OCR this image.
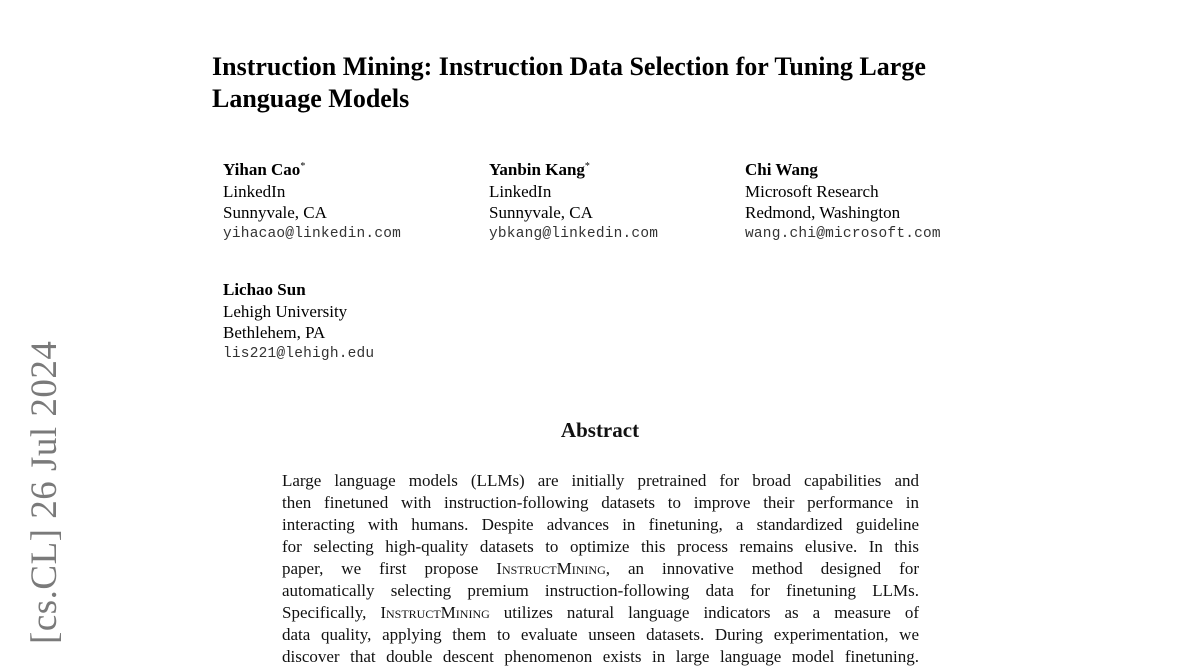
[cs.CL] 26 Jul 2024
Instruction Mining: Instruction Data Selection for Tuning Large
Language Models
Yihan Cao*
LinkedIn
Sunnyvale, CA
yihacao@linkedin.com
Yanbin Kang*
LinkedIn
Sunnyvale, CA
ybkang@linkedin.com
Chi Wang
Microsoft Research
Redmond, Washington
wang.chi@microsoft.com
Lichao Sun
Lehigh University
Bethlehem, PA
lis221@lehigh.edu
Abstract
Large language models (LLMs) are initially pretrained for broad capabilities and
then finetuned with instruction-following datasets to improve their performance in
interacting with humans. Despite advances in finetuning, a standardized guideline
for selecting high-quality datasets to optimize this process remains elusive. In this
paper, we first propose InstructMining, an innovative method designed for
automatically selecting premium instruction-following data for finetuning LLMs.
Specifically, InstructMining utilizes natural language indicators as a measure of
data quality, applying them to evaluate unseen datasets. During experimentation, we
discover that double descent phenomenon exists in large language model finetuning.
